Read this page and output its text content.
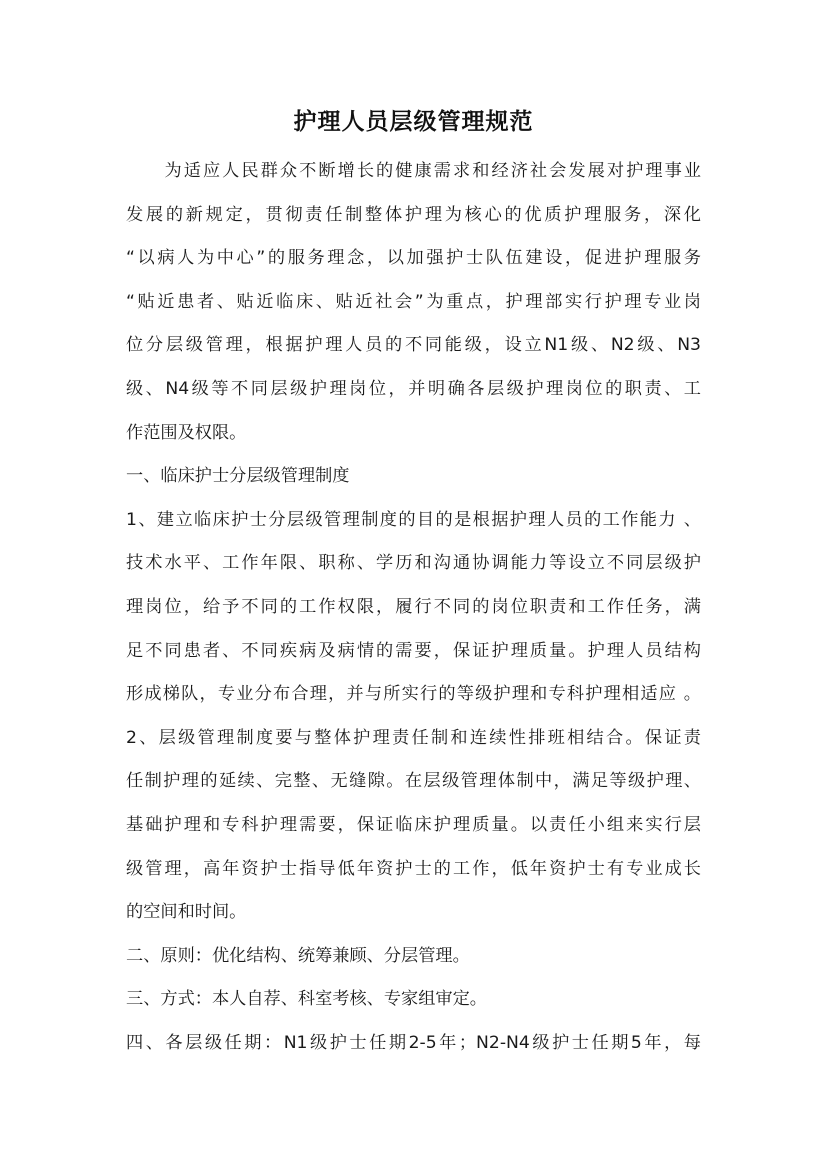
护理人员层级管理规范
　　为适应人民群众不断增长的健康需求和经济社会发展对护理事业
发展的新规定，贯彻责任制整体护理为核心的优质护理服务，深化
“以病人为中心”的服务理念，以加强护士队伍建设，促进护理服务
“贴近患者、贴近临床、贴近社会”为重点，护理部实行护理专业岗
位分层级管理，根据护理人员的不同能级，设立N1级、N2级、N3
级、N4级等不同层级护理岗位，并明确各层级护理岗位的职责、工
作范围及权限。
一、临床护士分层级管理制度
1、建立临床护士分层级管理制度的目的是根据护理人员的工作能力 、
技术水平、工作年限、职称、学历和沟通协调能力等设立不同层级护
理岗位，给予不同的工作权限，履行不同的岗位职责和工作任务，满
足不同患者、不同疾病及病情的需要，保证护理质量。护理人员结构
形成梯队，专业分布合理，并与所实行的等级护理和专科护理相适应 。
2、层级管理制度要与整体护理责任制和连续性排班相结合。保证责
任制护理的延续、完整、无缝隙。在层级管理体制中，满足等级护理、
基础护理和专科护理需要，保证临床护理质量。以责任小组来实行层
级管理，高年资护士指导低年资护士的工作，低年资护士有专业成长
的空间和时间。
二、原则：优化结构、统筹兼顾、分层管理。
三、方式：本人自荐、科室考核、专家组审定。
四、各层级任期：N1级护士任期2-5年；N2-N4级护士任期5年，每
